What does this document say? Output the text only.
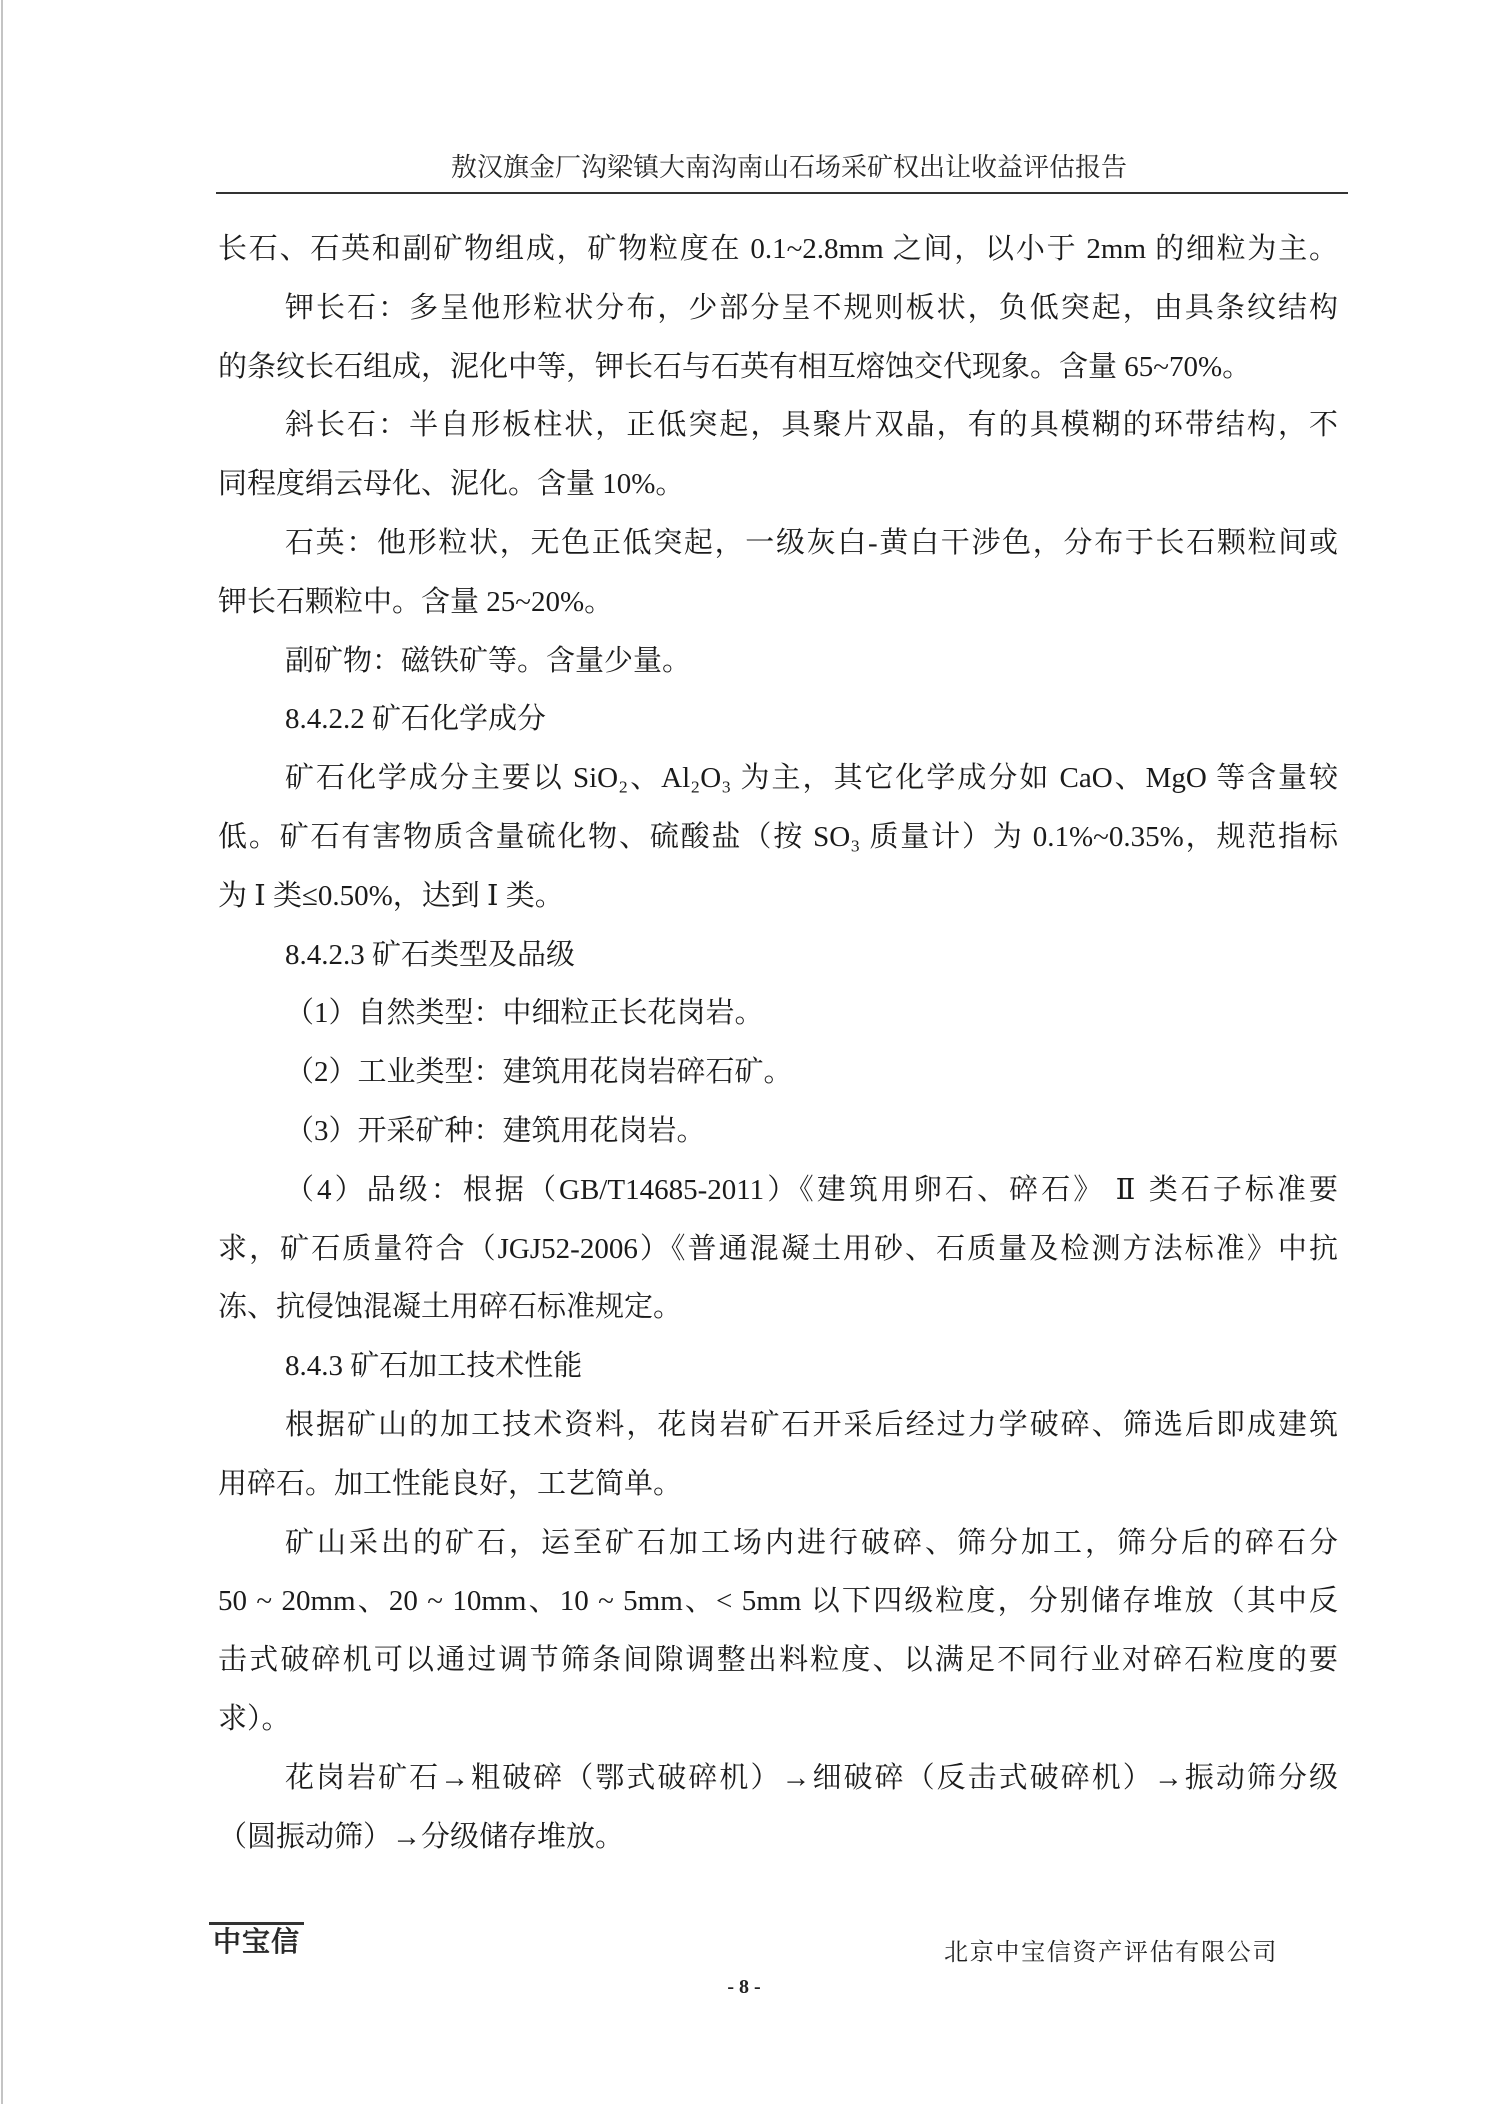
敖汉旗金厂沟梁镇大南沟南山石场采矿权出让收益评估报告
长石、石英和副矿物组成，矿物粒度在 0.1~2.8mm 之间，以小于 2mm 的细粒为主。
钾长石：多呈他形粒状分布，少部分呈不规则板状，负低突起，由具条纹结构
的条纹长石组成，泥化中等，钾长石与石英有相互熔蚀交代现象。含量 65~70%。
斜长石：半自形板柱状，正低突起，具聚片双晶，有的具模糊的环带结构，不
同程度绢云母化、泥化。含量 10%。
石英：他形粒状，无色正低突起，一级灰白-黄白干涉色，分布于长石颗粒间或
钾长石颗粒中。含量 25~20%。
副矿物：磁铁矿等。含量少量。
8.4.2.2 矿石化学成分
矿石化学成分主要以 SiO₂、Al₂O₃ 为主，其它化学成分如 CaO、MgO 等含量较
低。矿石有害物质含量硫化物、硫酸盐（按 SO₃ 质量计）为 0.1%~0.35%，规范指标
为 Ⅰ 类≤0.50%，达到 Ⅰ 类。
8.4.2.3 矿石类型及品级
（1）自然类型：中细粒正长花岗岩。
（2）工业类型：建筑用花岗岩碎石矿。
（3）开采矿种：建筑用花岗岩。
（4）品级：根据（GB/T14685-2011）《建筑用卵石、碎石》 Ⅱ 类石子标准要
求，矿石质量符合（JGJ52-2006）《普通混凝土用砂、石质量及检测方法标准》中抗
冻、抗侵蚀混凝土用碎石标准规定。
8.4.3 矿石加工技术性能
根据矿山的加工技术资料，花岗岩矿石开采后经过力学破碎、筛选后即成建筑
用碎石。加工性能良好，工艺简单。
矿山采出的矿石，运至矿石加工场内进行破碎、筛分加工，筛分后的碎石分
50 ~ 20mm、20 ~ 10mm、10 ~ 5mm、< 5mm 以下四级粒度，分别储存堆放（其中反
击式破碎机可以通过调节筛条间隙调整出料粒度、以满足不同行业对碎石粒度的要
求）。
花岗岩矿石→粗破碎（鄂式破碎机）→细破碎（反击式破碎机）→振动筛分级
（圆振动筛）→分级储存堆放。
中宝信	北京中宝信资产评估有限公司
- 8 -
